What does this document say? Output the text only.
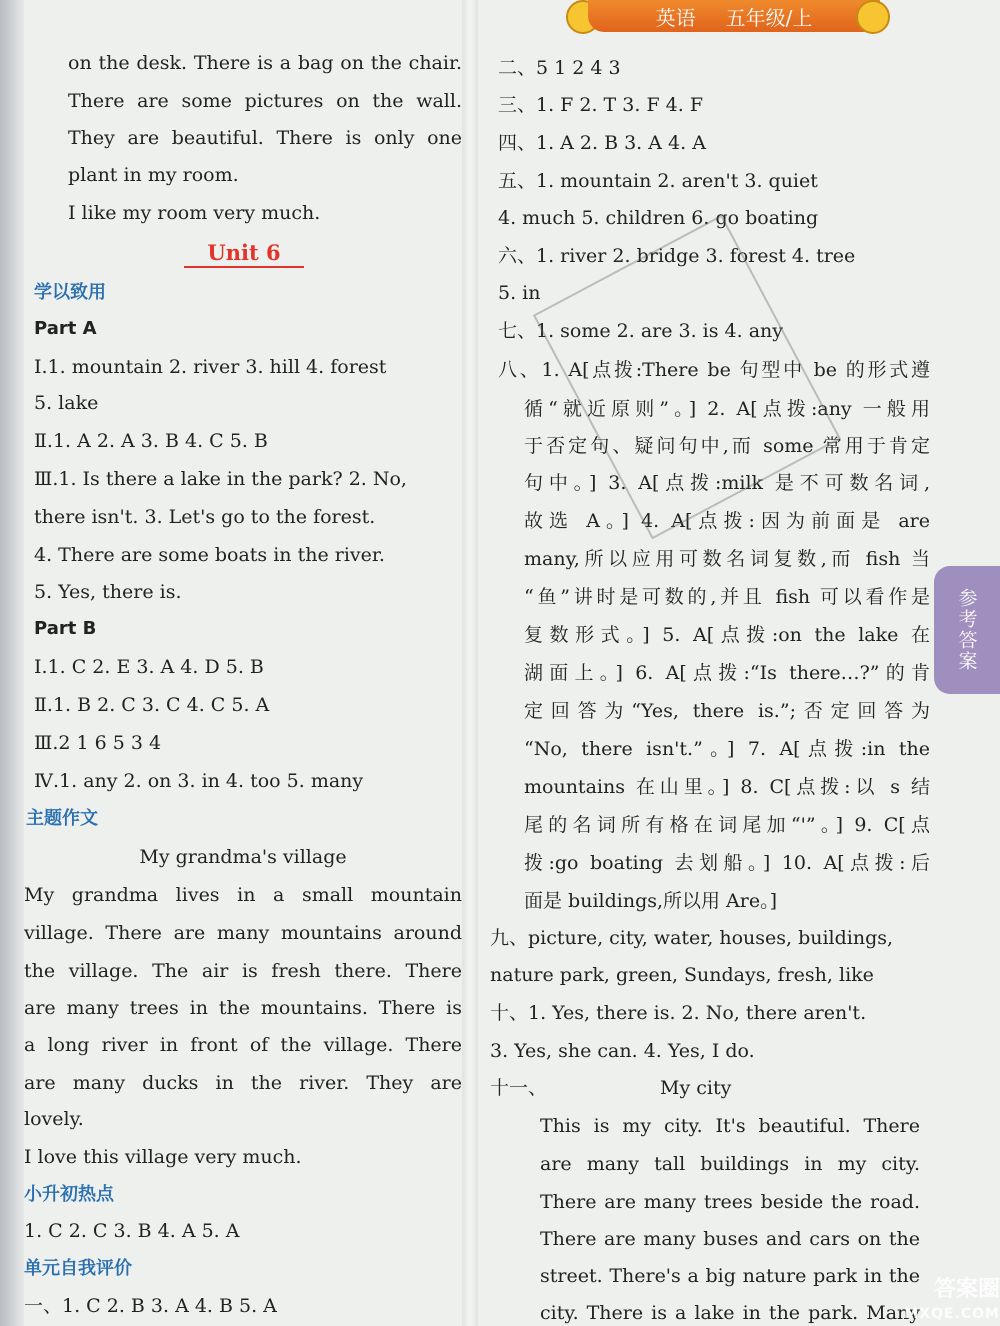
英语 五年级/上
参考答案
on the desk. There is a bag on the chair.
There are some pictures on the wall.
They are beautiful. There is only one
plant in my room.
I like my room very much.
Unit 6
学以致用
Part A
Ⅰ.1. mountain 2. river 3. hill 4. forest
5. lake
Ⅱ.1. A 2. A 3. B 4. C 5. B
Ⅲ.1. Is there a lake in the park? 2. No,
there isn't. 3. Let's go to the forest.
4. There are some boats in the river.
5. Yes, there is.
Part B
Ⅰ.1. C 2. E 3. A 4. D 5. B
Ⅱ.1. B 2. C 3. C 4. C 5. A
Ⅲ.2 1 6 5 3 4
Ⅳ.1. any 2. on 3. in 4. too 5. many
主题作文
My grandma's village
My grandma lives in a small mountain
village. There are many mountains around
the village. The air is fresh there. There
are many trees in the mountains. There is
a long river in front of the village. There
are many ducks in the river. They are
lovely.
I love this village very much.
小升初热点
1. C 2. C 3. B 4. A 5. A
单元自我评价
一、1. C 2. B 3. A 4. B 5. A
二、5 1 2 4 3
三、1. F 2. T 3. F 4. F
四、1. A 2. B 3. A 4. A
五、1. mountain 2. aren't 3. quiet
4. much 5. children 6. go boating
六、1. river 2. bridge 3. forest 4. tree
5. in
七、1. some 2. are 3. is 4. any
八、1. A[点拨:There be 句型中 be 的形式遵
循“就近原则”。] 2. A[点拨:any 一般用
于否定句、疑问句中,而 some 常用于肯定
句中。] 3. A[点拨:milk 是不可数名词,
故选 A。] 4. A[点拨:因为前面是 are
many,所以应用可数名词复数,而 fish 当
“鱼”讲时是可数的,并且 fish 可以看作是
复数形式。] 5. A[点拨:on the lake 在
湖面上。] 6. A[点拨:“Is there…?”的肯
定回答为“Yes, there is.”;否定回答为
“No, there isn't.”。] 7. A[点拨:in the
mountains 在山里。] 8. C[点拨:以 s 结
尾的名词所有格在词尾加“'”。] 9. C[点
拨:go boating 去划船。] 10. A[点拨:后
面是 buildings,所以用 Are。]
九、picture, city, water, houses, buildings,
nature park, green, Sundays, fresh, like
十、1. Yes, there is. 2. No, there aren't.
3. Yes, she can. 4. Yes, I do.
十一、	My city
This is my city. It's beautiful. There
are many tall buildings in my city.
There are many trees beside the road.
There are many buses and cars on the
street. There's a big nature park in the
city. There is a lake in the park. Many
答案圈
MXQE.COM
